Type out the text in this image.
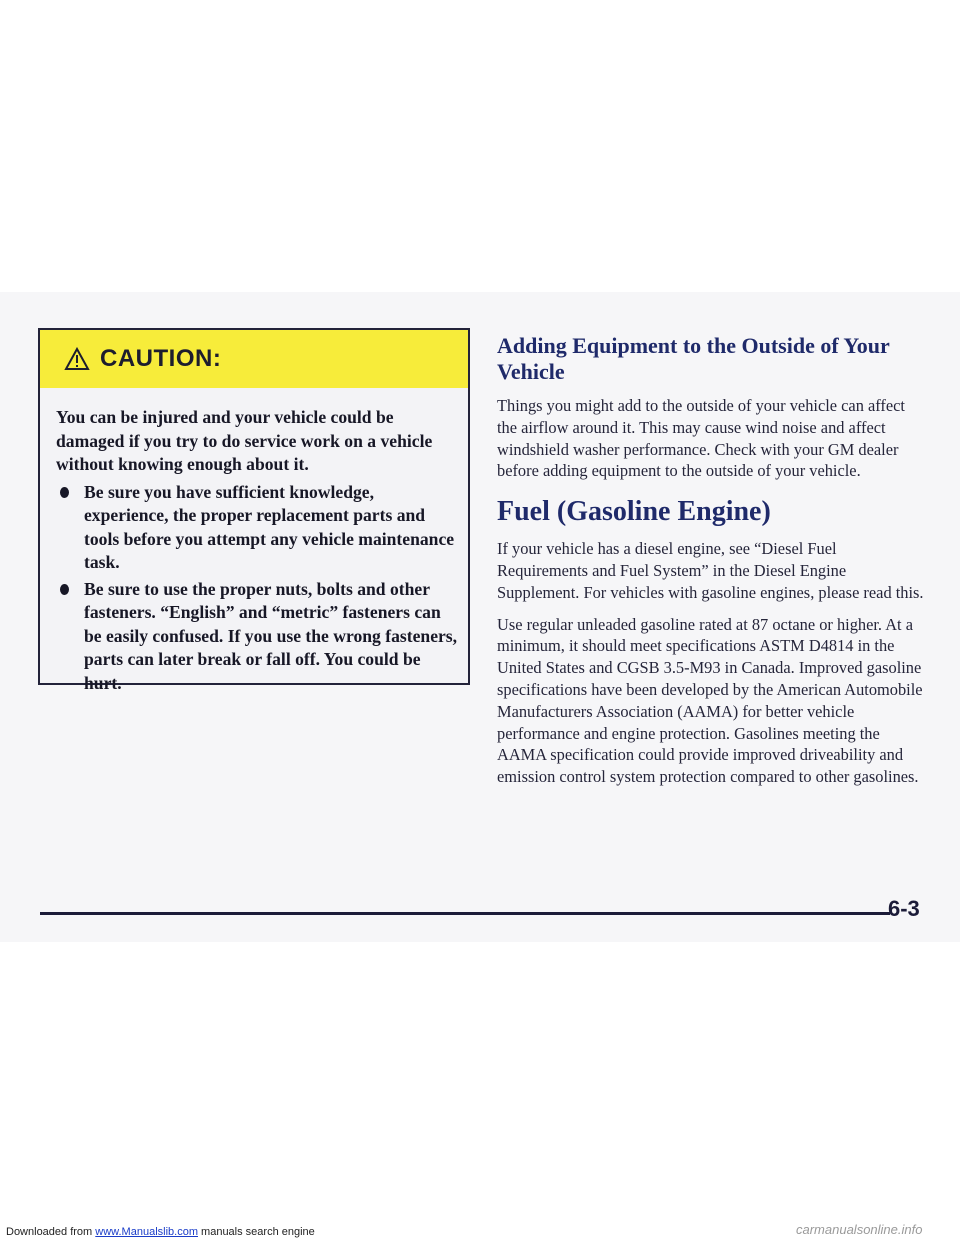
CAUTION:

You can be injured and your vehicle could be damaged if you try to do service work on a vehicle without knowing enough about it.

Be sure you have sufficient knowledge, experience, the proper replacement parts and tools before you attempt any vehicle maintenance task.
Be sure to use the proper nuts, bolts and other fasteners. “English” and “metric” fasteners can be easily confused. If you use the wrong fasteners, parts can later break or fall off. You could be hurt.
Adding Equipment to the Outside of Your Vehicle

Things you might add to the outside of your vehicle can affect the airflow around it. This may cause wind noise and affect windshield washer performance. Check with your GM dealer before adding equipment to the outside of your vehicle.

Fuel (Gasoline Engine)

If your vehicle has a diesel engine, see “Diesel Fuel Requirements and Fuel System” in the Diesel Engine Supplement. For vehicles with gasoline engines, please read this.

Use regular unleaded gasoline rated at 87 octane or higher. At a minimum, it should meet specifications ASTM D4814 in the United States and CGSB 3.5-M93 in Canada. Improved gasoline specifications have been developed by the American Automobile Manufacturers Association (AAMA) for better vehicle performance and engine protection. Gasolines meeting the AAMA specification could provide improved driveability and emission control system protection compared to other gasolines.

6-3
Downloaded from www.Manualslib.com manuals search engine	carmanualsonline.info
